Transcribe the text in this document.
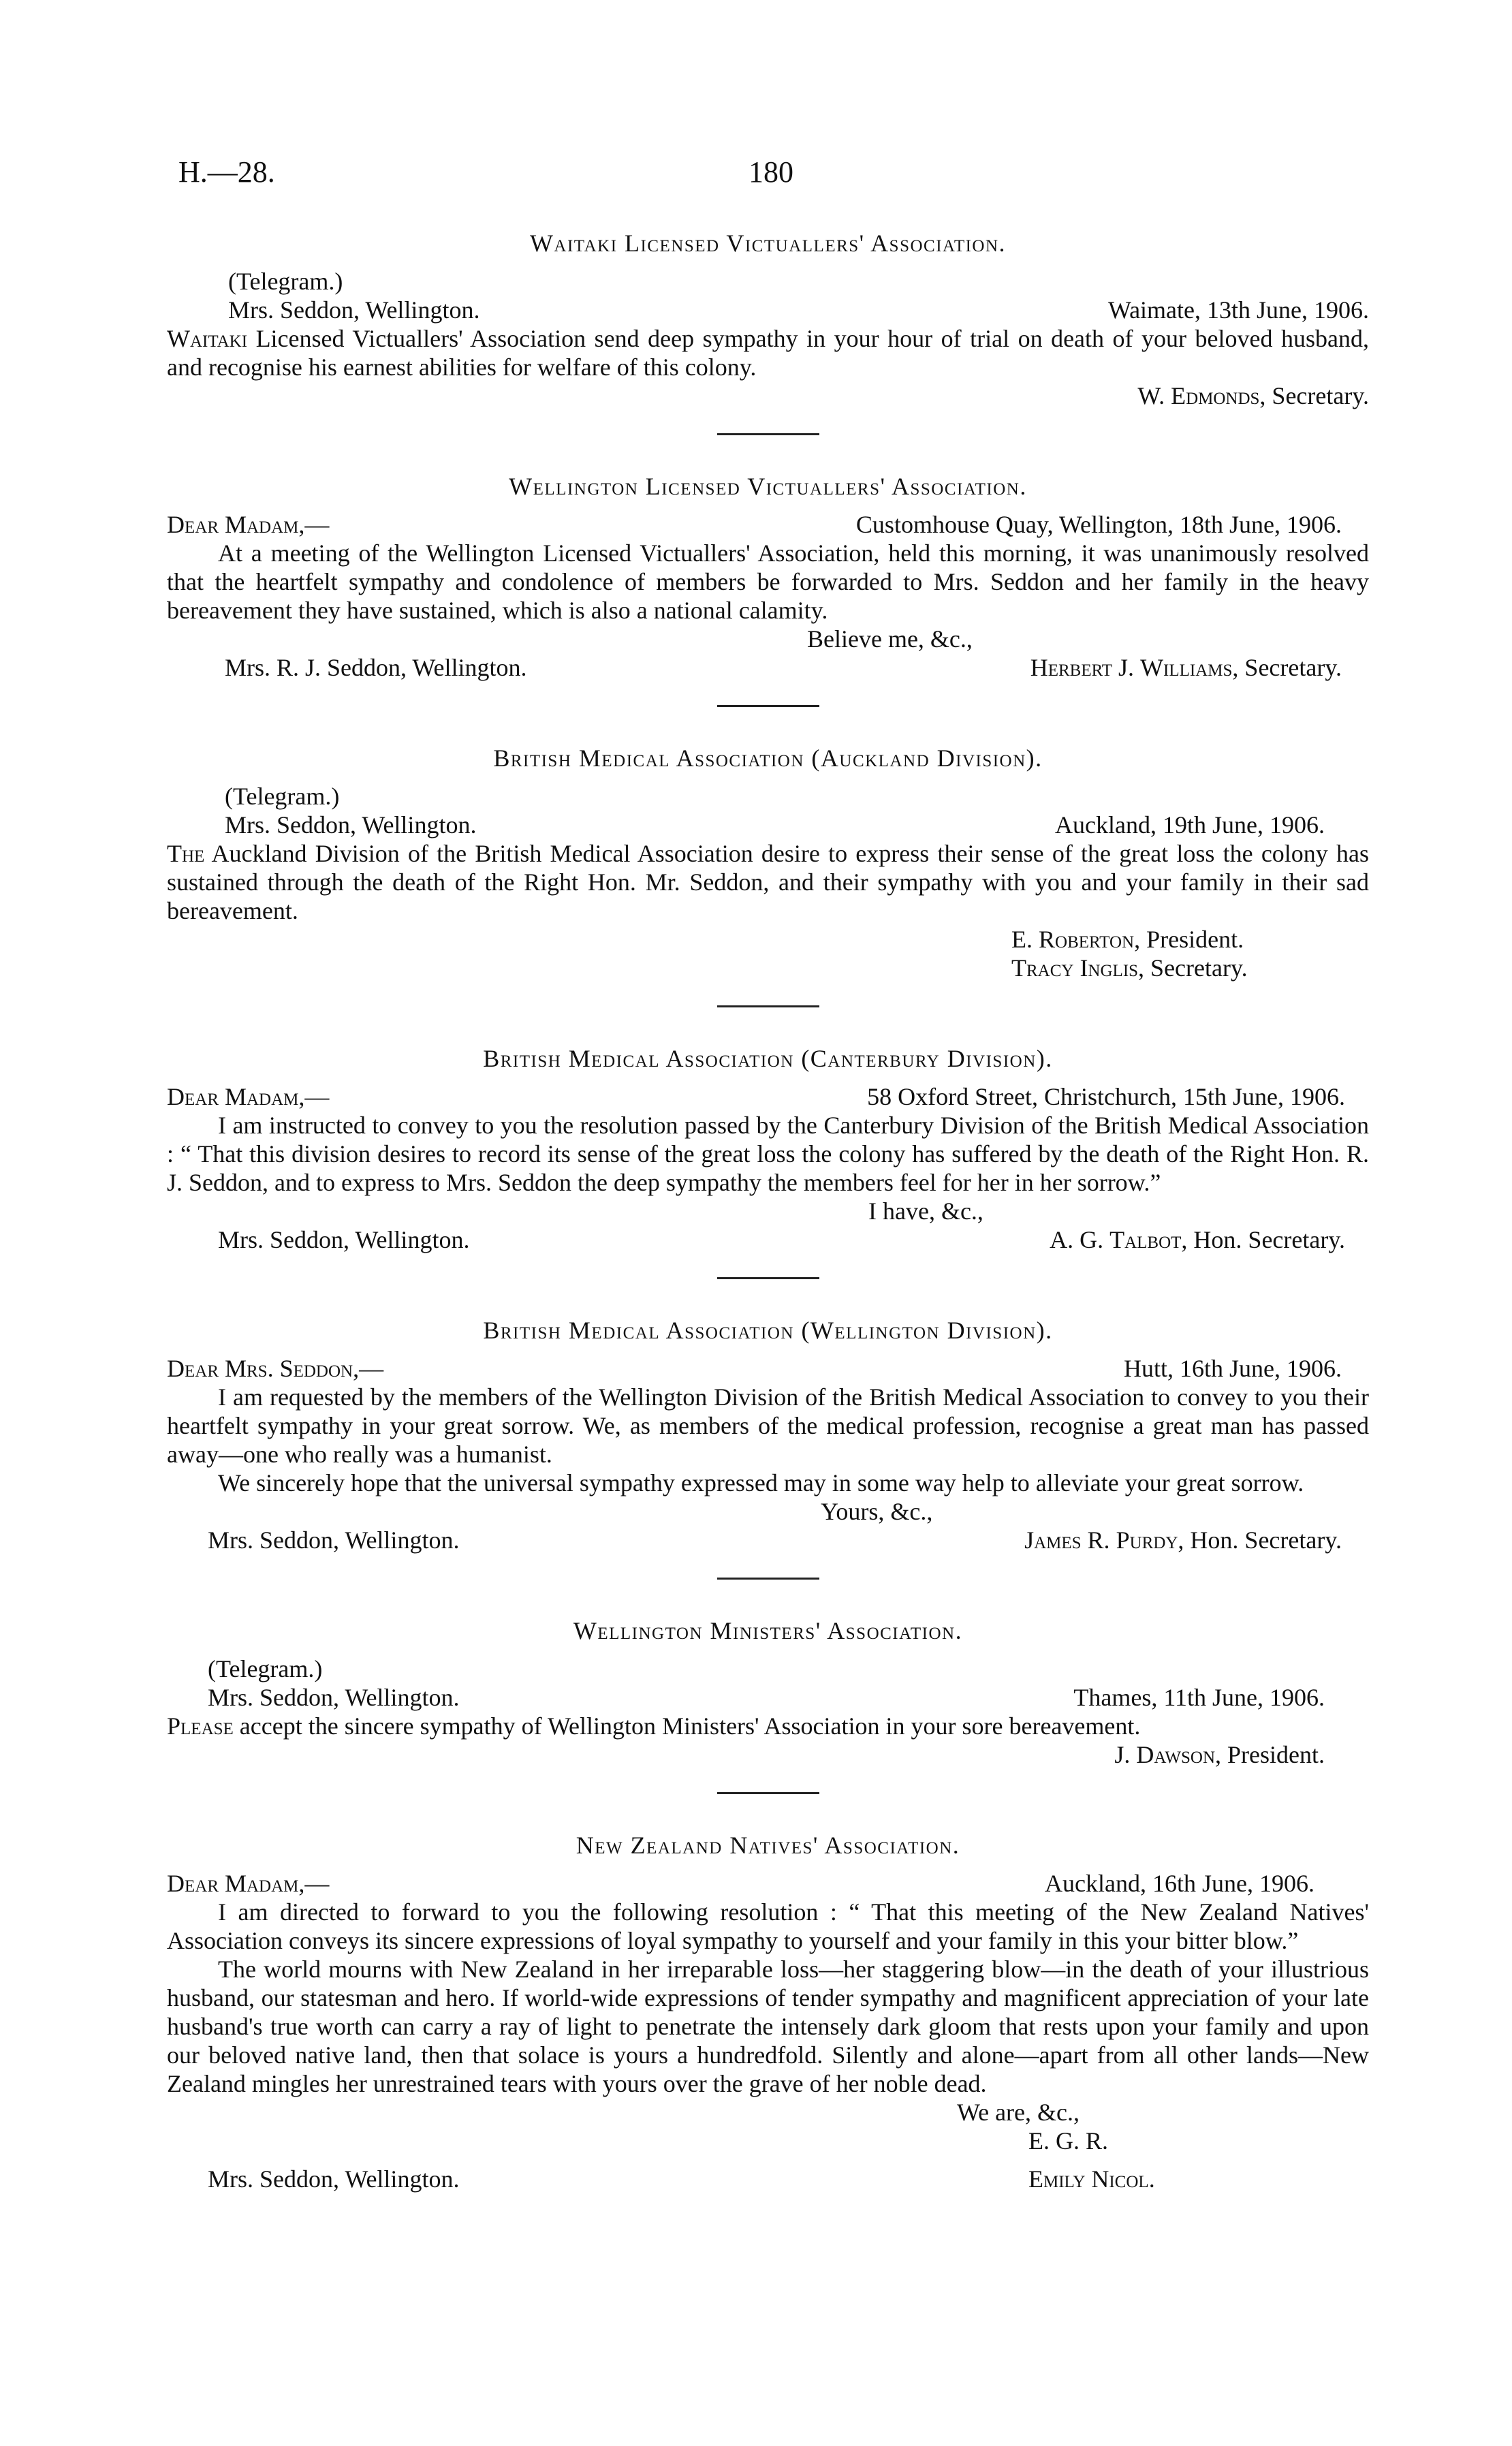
H.—28.	180
Waitaki Licensed Victuallers' Association.
(Telegram.)
Mrs. Seddon, Wellington.	Waimate, 13th June, 1906.

Waitaki Licensed Victuallers' Association send deep sympathy in your hour of trial on death of your beloved husband, and recognise his earnest abilities for welfare of this colony.

W. Edmonds, Secretary.
Wellington Licensed Victuallers' Association.
Dear Madam,—	Customhouse Quay, Wellington, 18th June, 1906.

At a meeting of the Wellington Licensed Victuallers' Association, held this morning, it was unanimously resolved that the heartfelt sympathy and condolence of members be forwarded to Mrs. Seddon and her family in the heavy bereavement they have sustained, which is also a national calamity.

Believe me, &c.,
Mrs. R. J. Seddon, Wellington.	Herbert J. Williams, Secretary.
British Medical Association (Auckland Division).
(Telegram.)
Mrs. Seddon, Wellington.	Auckland, 19th June, 1906.

The Auckland Division of the British Medical Association desire to express their sense of the great loss the colony has sustained through the death of the Right Hon. Mr. Seddon, and their sympathy with you and your family in their sad bereavement.

E. Roberton, President.
Tracy Inglis, Secretary.
British Medical Association (Canterbury Division).
Dear Madam,—	58 Oxford Street, Christchurch, 15th June, 1906.

I am instructed to convey to you the resolution passed by the Canterbury Division of the British Medical Association : “ That this division desires to record its sense of the great loss the colony has suffered by the death of the Right Hon. R. J. Seddon, and to express to Mrs. Seddon the deep sympathy the members feel for her in her sorrow.”

I have, &c.,
Mrs. Seddon, Wellington.	A. G. Talbot, Hon. Secretary.
British Medical Association (Wellington Division).
Dear Mrs. Seddon,—	Hutt, 16th June, 1906.

I am requested by the members of the Wellington Division of the British Medical Association to convey to you their heartfelt sympathy in your great sorrow. We, as members of the medical profession, recognise a great man has passed away—one who really was a humanist.

We sincerely hope that the universal sympathy expressed may in some way help to alleviate your great sorrow.

Yours, &c.,
Mrs. Seddon, Wellington.	James R. Purdy, Hon. Secretary.
Wellington Ministers' Association.
(Telegram.)
Mrs. Seddon, Wellington.	Thames, 11th June, 1906.

Please accept the sincere sympathy of Wellington Ministers' Association in your sore bereavement.

J. Dawson, President.
New Zealand Natives' Association.
Dear Madam,—	Auckland, 16th June, 1906.

I am directed to forward to you the following resolution : “ That this meeting of the New Zealand Natives' Association conveys its sincere expressions of loyal sympathy to yourself and your family in this your bitter blow.”

The world mourns with New Zealand in her irreparable loss—her staggering blow—in the death of your illustrious husband, our statesman and hero. If world-wide expressions of tender sympathy and magnificent appreciation of your late husband's true worth can carry a ray of light to penetrate the intensely dark gloom that rests upon your family and upon our beloved native land, then that solace is yours a hundredfold. Silently and alone—apart from all other lands—New Zealand mingles her unrestrained tears with yours over the grave of her noble dead.

We are, &c.,
E. G. R.
Mrs. Seddon, Wellington.	Emily Nicol.
